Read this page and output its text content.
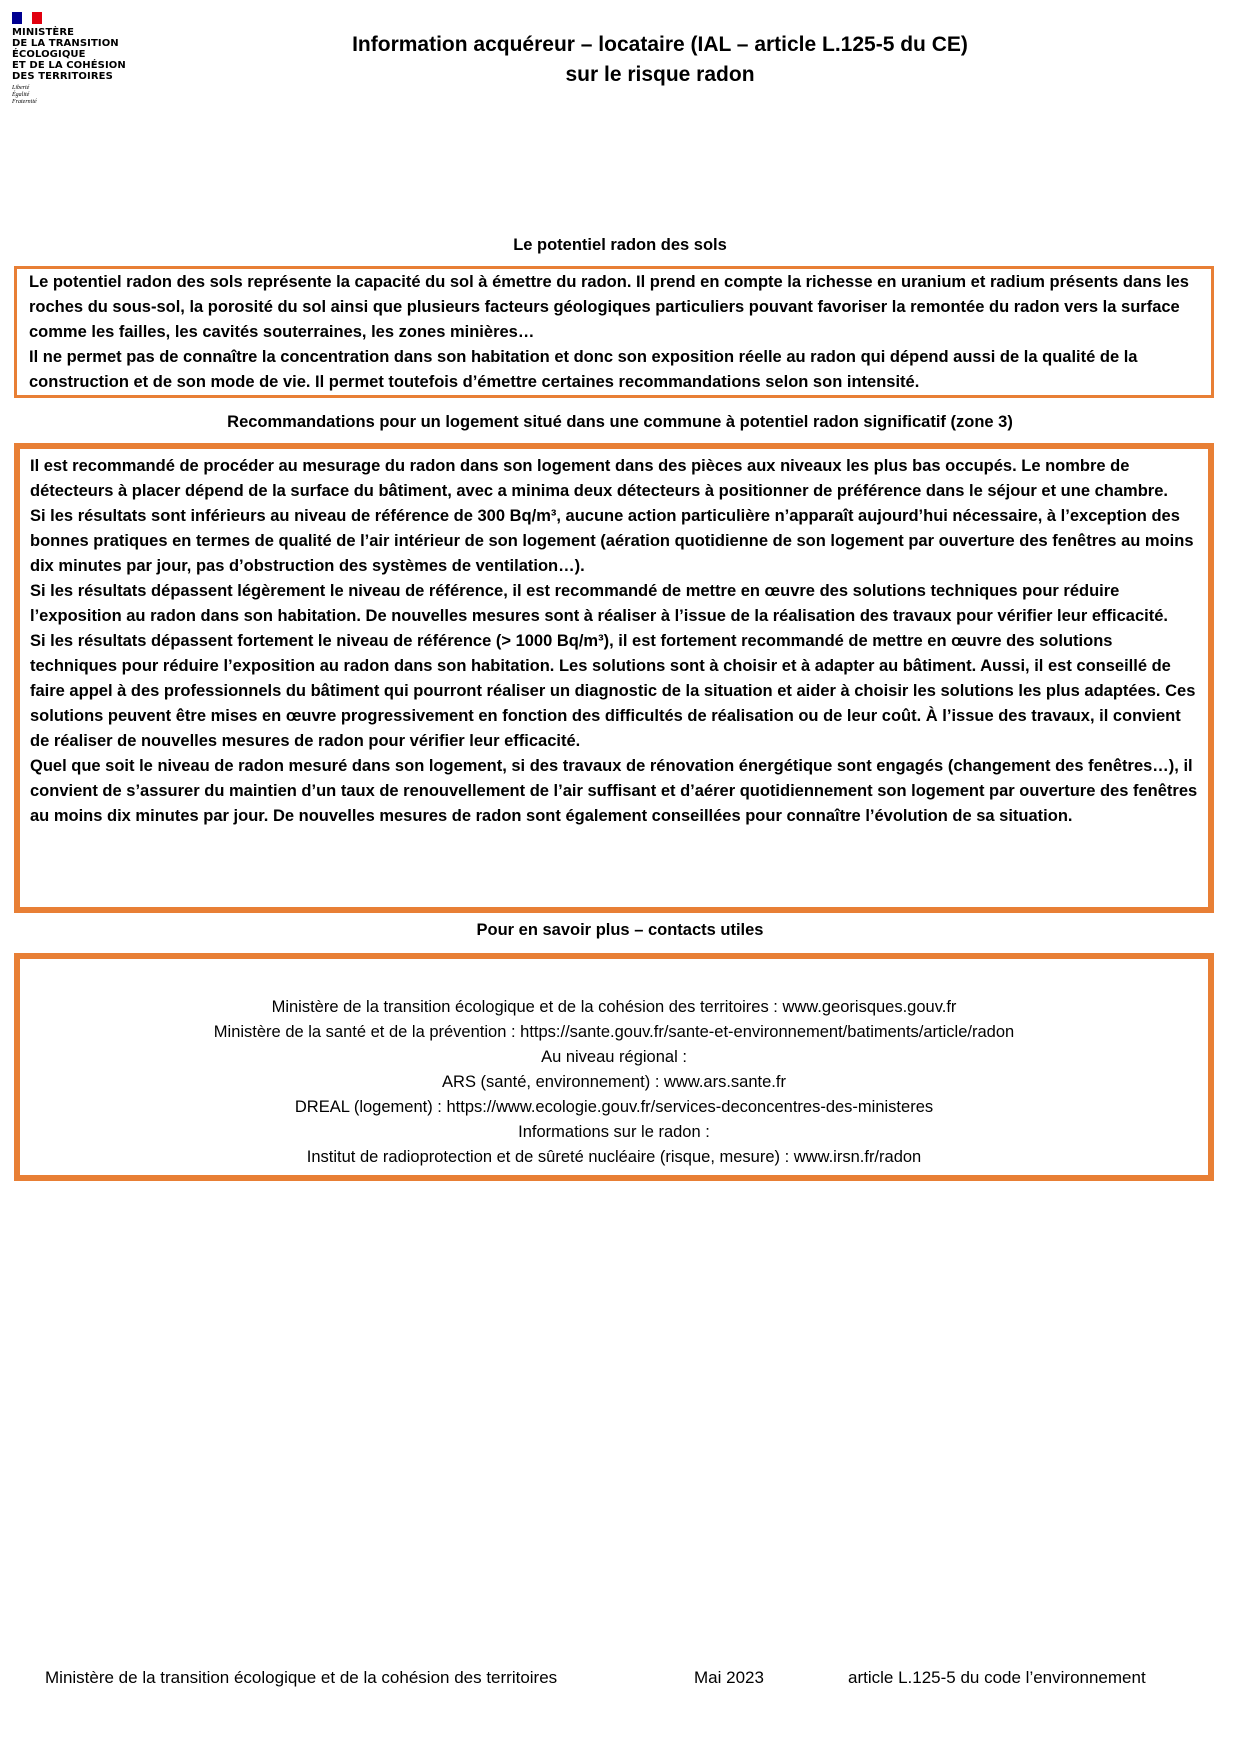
MINISTÈRE
DE LA TRANSITION
ÉCOLOGIQUE
ET DE LA COHÉSION
DES TERRITOIRES
Liberté
Égalité
Fraternité
Information acquéreur – locataire (IAL – article L.125-5 du CE)
sur le risque radon
Le potentiel radon des sols

Le potentiel radon des sols représente la capacité du sol à émettre du radon. Il prend en compte la richesse en uranium et radium présents dans les roches du sous-sol, la porosité du sol ainsi que plusieurs facteurs géologiques particuliers pouvant favoriser la remontée du radon vers la surface comme les failles, les cavités souterraines, les zones minières…

Il ne permet pas de connaître la concentration dans son habitation et donc son exposition réelle au radon qui dépend aussi de la qualité de la construction et de son mode de vie. Il permet toutefois d’émettre certaines recommandations selon son intensité.

Recommandations pour un logement situé dans une commune à potentiel radon significatif (zone 3)

Il est recommandé de procéder au mesurage du radon dans son logement dans des pièces aux niveaux les plus bas occupés. Le nombre de détecteurs à placer dépend de la surface du bâtiment, avec a minima deux détecteurs à positionner de préférence dans le séjour et une chambre.

Si les résultats sont inférieurs au niveau de référence de 300 Bq/m³, aucune action particulière n’apparaît aujourd’hui nécessaire, à l’exception des bonnes pratiques en termes de qualité de l’air intérieur de son logement (aération quotidienne de son logement par ouverture des fenêtres au moins dix minutes par jour, pas d’obstruction des systèmes de ventilation…).

Si les résultats dépassent légèrement le niveau de référence, il est recommandé de mettre en œuvre des solutions techniques pour réduire l’exposition au radon dans son habitation. De nouvelles mesures sont à réaliser à l’issue de la réalisation des travaux pour vérifier leur efficacité.

Si les résultats dépassent fortement le niveau de référence (> 1000 Bq/m³), il est fortement recommandé de mettre en œuvre des solutions techniques pour réduire l’exposition au radon dans son habitation. Les solutions sont à choisir et à adapter au bâtiment. Aussi, il est conseillé de faire appel à des professionnels du bâtiment qui pourront réaliser un diagnostic de la situation et aider à choisir les solutions les plus adaptées. Ces solutions peuvent être mises en œuvre progressivement en fonction des difficultés de réalisation ou de leur coût. À l’issue des travaux, il convient de réaliser de nouvelles mesures de radon pour vérifier leur efficacité.

Quel que soit le niveau de radon mesuré dans son logement, si des travaux de rénovation énergétique sont engagés (changement des fenêtres…), il convient de s’assurer du maintien d’un taux de renouvellement de l’air suffisant et d’aérer quotidiennement son logement par ouverture des fenêtres au moins dix minutes par jour. De nouvelles mesures de radon sont également conseillées pour connaître l’évolution de sa situation.

Pour en savoir plus – contacts utiles
Ministère de la transition écologique et de la cohésion des territoires : www.georisques.gouv.fr
Ministère de la santé et de la prévention : https://sante.gouv.fr/sante-et-environnement/batiments/article/radon
Au niveau régional :
ARS (santé, environnement) : www.ars.sante.fr
DREAL (logement) : https://www.ecologie.gouv.fr/services-deconcentres-des-ministeres
Informations sur le radon :
Institut de radioprotection et de sûreté nucléaire (risque, mesure) : www.irsn.fr/radon
Ministère de la transition écologique et de la cohésion des territoires	Mai 2023	article L.125-5 du code l’environnement
